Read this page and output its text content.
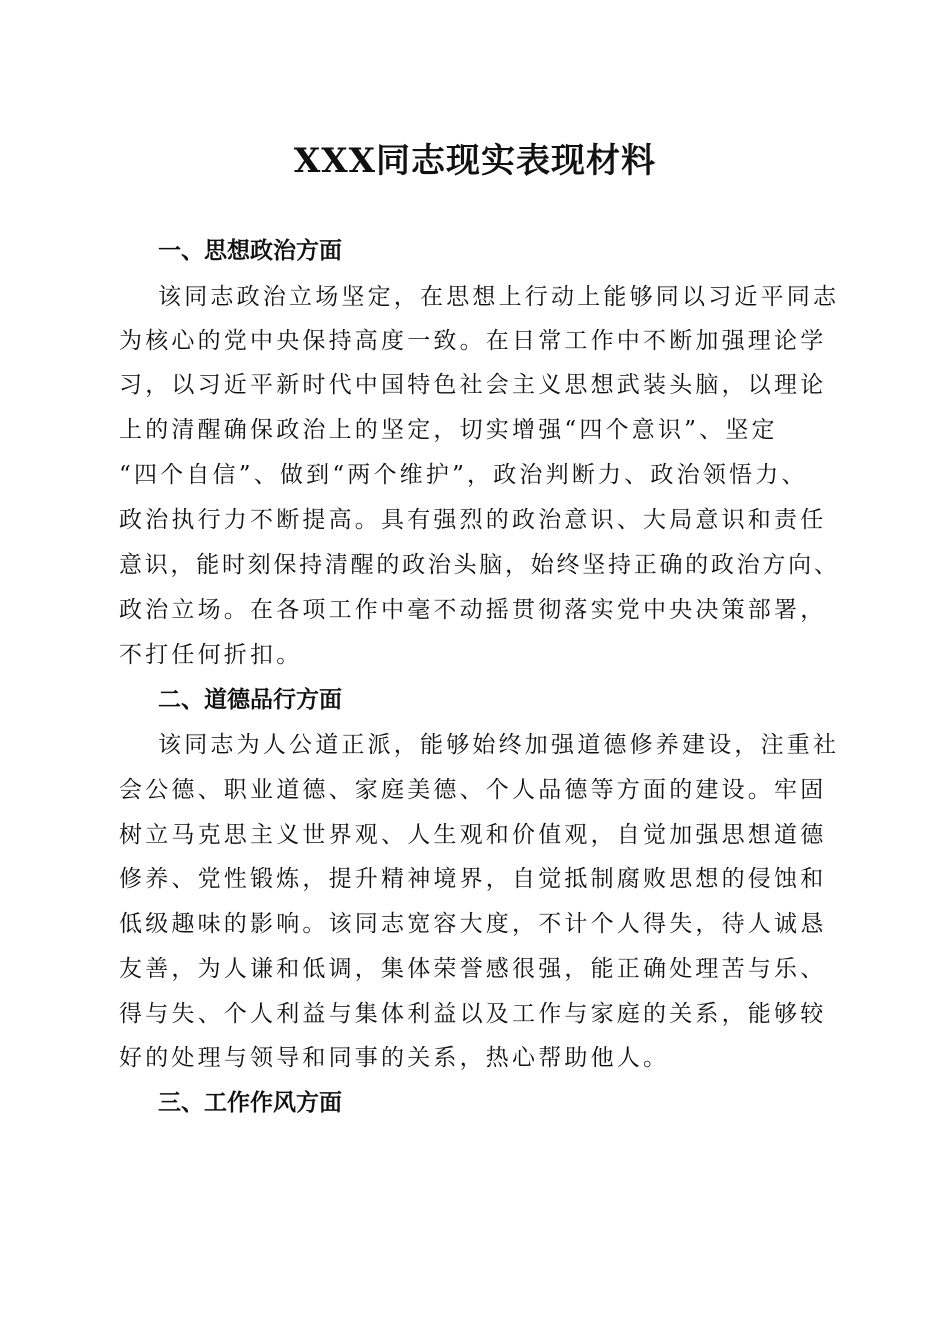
XXX同志现实表现材料
一、思想政治方面

该同志政治立场坚定，在思想上行动上能够同以习近平同志

为核心的党中央保持高度一致。在日常工作中不断加强理论学

习，以习近平新时代中国特色社会主义思想武装头脑，以理论

上的清醒确保政治上的坚定，切实增强“四个意识”、坚定

“四个自信”、做到“两个维护”，政治判断力、政治领悟力、

政治执行力不断提高。具有强烈的政治意识、大局意识和责任

意识，能时刻保持清醒的政治头脑，始终坚持正确的政治方向、

政治立场。在各项工作中毫不动摇贯彻落实党中央决策部署，

不打任何折扣。

二、道德品行方面

该同志为人公道正派，能够始终加强道德修养建设，注重社

会公德、职业道德、家庭美德、个人品德等方面的建设。牢固

树立马克思主义世界观、人生观和价值观，自觉加强思想道德

修养、党性锻炼，提升精神境界，自觉抵制腐败思想的侵蚀和

低级趣味的影响。该同志宽容大度，不计个人得失，待人诚恳

友善，为人谦和低调，集体荣誉感很强，能正确处理苦与乐、

得与失、个人利益与集体利益以及工作与家庭的关系，能够较

好的处理与领导和同事的关系，热心帮助他人。

三、工作作风方面
